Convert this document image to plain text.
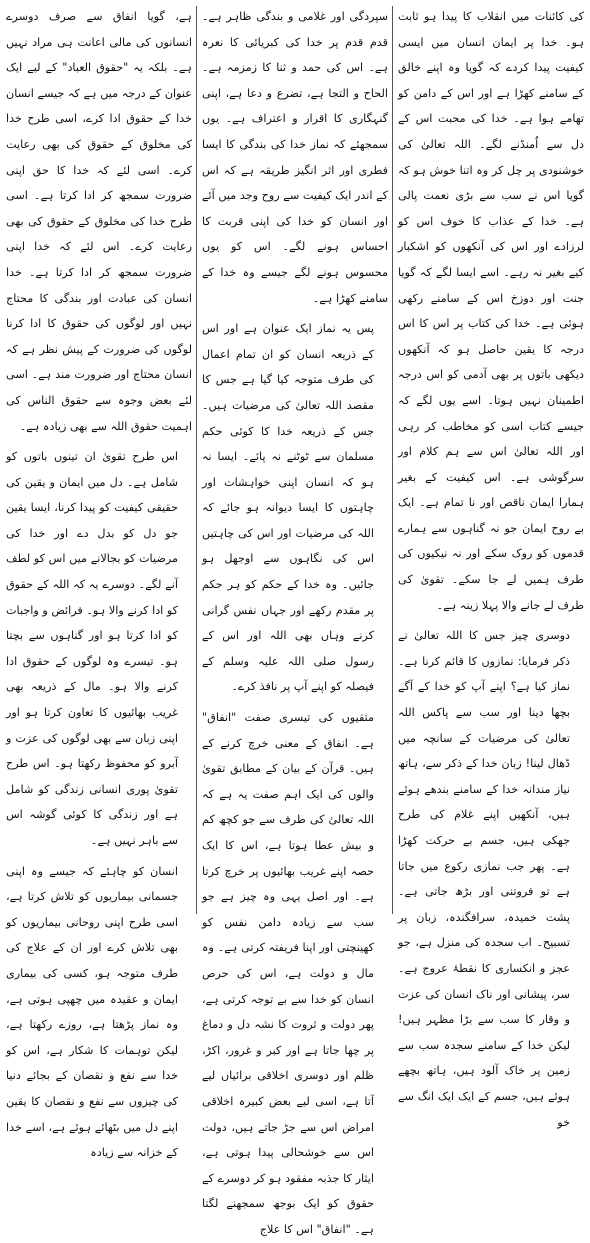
کی کائنات میں انقلاب کا پیدا ہو ثابت ہو۔ خدا پر ایمان انسان میں ایسی کیفیت پیدا کردے کہ گویا وہ اپنے خالق کے سامنے کھڑا ہے اور اس کے دامن کو تھامے ہوا ہے۔ خدا کی محبت اس کے دل سے اُمنڈنے لگے۔ اللہ تعالیٰ کی خوشنودی پر چل کر وہ اتنا خوش ہو کہ گویا اس نے سب سے بڑی نعمت پالی ہے۔ خدا کے عذاب کا خوف اس کو لرزادے اور اس کی آنکھوں کو اشکبار کیے بغیر نہ رہے۔ اسے ایسا لگے کہ گویا جنت اور دوزخ اس کے سامنے رکھی ہوئی ہے۔ خدا کی کتاب پر اس کا اس درجہ کا یقین حاصل ہو کہ آنکھوں دیکھی باتوں پر بھی آدمی کو اس درجہ اطمینان نہیں ہوتا۔ اسے یوں لگے کہ جیسے کتاب اسی کو مخاطب کر رہی اور اللہ تعالیٰ اس سے ہم کلام اور سرگوشی ہے۔ اس کیفیت کے بغیر ہمارا ایمان ناقص اور نا تمام ہے۔ ایک بے روح ایمان جو نہ گناہوں سے ہمارے قدموں کو روک سکے اور نہ نیکیوں کی طرف ہمیں لے جا سکے۔ تقویٰ کی طرف لے جانے والا پہلا زینہ ہے۔

دوسری چیز جس کا اللہ تعالیٰ نے ذکر فرمایا: نمازوں کا قائم کرنا ہے۔ نماز کیا ہے؟ اپنے آپ کو خدا کے آگے بچھا دینا اور سب سے پاکس اللہ تعالیٰ کی مرضیات کے سانچہ میں ڈھال لینا! زبان خدا کے ذکر سے، ہاتھ نیاز مندانہ خدا کے سامنے بندھے ہوئے ہیں، آنکھیں اپنے غلام کی طرح جھکی ہیں، جسم بے حرکت کھڑا ہے۔ پھر جب نمازی رکوع میں جاتا ہے تو فروتنی اور بڑھ جاتی ہے۔ پشت خمیدہ، سرافگندہ، زبان پر تسبیح۔ اب سجدہ کی منزل ہے، جو عجز و انکساری کا نقطۂ عروج ہے۔ سر، پیشانی اور ناک انسان کی عزت و وقار کا سب سے بڑا مظہر ہیں! لیکن خدا کے سامنے سجدہ سب سے زمین پر خاک آلود ہیں، ہاتھ بچھے ہوئے ہیں، جسم کے ایک ایک انگ سے خو

سپردگی اور غلامی و بندگی ظاہر ہے۔ قدم قدم پر خدا کی کبریائی کا نعرہ ہے۔ اس کی حمد و ثنا کا زمزمہ ہے۔ الحاح و التجا ہے، تضرع و دعا ہے، اپنی گنہگاری کا اقرار و اعتراف ہے۔ یوں سمجھئے کہ نماز خدا کی بندگی کا ایسا فطری اور اثر انگیز طریقہ ہے کہ اس کے اندر ایک کیفیت سے روح وجد میں آئے اور انسان کو خدا کی اپنی قربت کا احساس ہونے لگے۔ اس کو یوں محسوس ہونے لگے جیسے وہ خدا کے سامنے کھڑا ہے۔

پس یہ نماز ایک عنوان ہے اور اس کے ذریعہ انسان کو ان تمام اعمال کی طرف متوجہ کیا گیا ہے جس کا مقصد اللہ تعالیٰ کی مرضیات ہیں۔ جس کے ذریعہ خدا کا کوئی حکم مسلمان سے ٹوٹنے نہ پائے۔ ایسا نہ ہو کہ انسان اپنی خواہشات اور چاہتوں کا ایسا دیوانہ ہو جائے کہ اللہ کی مرضیات اور اس کی چاہتیں اس کی نگاہوں سے اوجھل ہو جائیں۔ وہ خدا کے حکم کو ہر حکم پر مقدم رکھے اور جہاں نفس گرانی کرنے وہاں بھی اللہ اور اس کے رسول صلی اللہ علیہ وسلم کے فیصلہ کو اپنے آپ پر نافذ کرے۔

متقیوں کی تیسری صفت "انفاق" ہے۔ انفاق کے معنی خرچ کرنے کے ہیں۔ قرآن کے بیان کے مطابق تقویٰ والوں کی ایک اہم صفت یہ ہے کہ اللہ تعالیٰ کی طرف سے جو کچھ کم و بیش عطا ہوتا ہے، اس کا ایک حصہ اپنے غریب بھائیوں پر خرچ کرتا ہے۔ اور اصل یہی وہ چیز ہے جو سب سے زیادہ دامن نفس کو کھینچتی اور اپنا فریفتہ کرتی ہے۔ وہ مال و دولت ہے، اس کی حرص انسان کو خدا سے بے توجہ کرتی ہے، پھر دولت و ثروت کا نشہ دل و دماغ پر چھا جاتا ہے اور کبر و غرور، اکڑ، ظلم اور دوسری اخلاقی برائیاں لیے آتا ہے، اسی لیے بعض کبیرہ اخلاقی امراض اس سے جڑ جاتے ہیں، دولت اس سے خوشحالی پیدا ہوتی ہے، ایثار کا جذبہ مفقود ہو کر دوسرے کے حقوق کو ایک بوجھ سمجھنے لگتا ہے۔ "انفاق" اس کا علاج

ہے، گویا انفاق سے صرف دوسرے انسانوں کی مالی اعانت ہی مراد نہیں ہے۔ بلکہ یہ "حقوق العباد" کے لیے ایک عنوان کے درجہ میں ہے کہ جیسے انسان خدا کے حقوق ادا کرے، اسی طرح خدا کی مخلوق کے حقوق کی بھی رعایت کرے۔ اسی لئے کہ خدا کا حق اپنی ضرورت سمجھ کر ادا کرتا ہے۔ اسی طرح خدا کی مخلوق کے حقوق کی بھی رعایت کرے۔ اس لئے کہ خدا اپنی ضرورت سمجھ کر ادا کرتا ہے۔ خدا انسان کی عبادت اور بندگی کا محتاج نہیں اور لوگوں کی حقوق کا ادا کرنا لوگوں کی ضرورت کے پیش نظر ہے کہ انسان محتاج اور ضرورت مند ہے۔ اسی لئے بعض وجوہ سے حقوق الناس کی اہمیت حقوق اللہ سے بھی زیادہ ہے۔

اس طرح تقویٰ ان تینوں باتوں کو شامل ہے۔ دل میں ایمان و یقین کی حقیقی کیفیت کو پیدا کرنا، ایسا یقین جو دل کو بدل دے اور خدا کی مرضیات کو بجالانے میں اس کو لطف آنے لگے۔ دوسرے یہ کہ اللہ کے حقوق کو ادا کرنے والا ہو۔ فرائض و واجبات کو ادا کرتا ہو اور گناہوں سے بچتا ہو۔ تیسرے وہ لوگوں کے حقوق ادا کرنے والا ہو۔ مال کے ذریعہ بھی غریب بھائیوں کا تعاون کرتا ہو اور اپنی زبان سے بھی لوگوں کی عزت و آبرو کو محفوظ رکھتا ہو۔ اس طرح تقویٰ پوری انسانی زندگی کو شامل ہے اور زندگی کا کوئی گوشہ اس سے باہر نہیں ہے۔

انسان کو چاہئے کہ جیسے وہ اپنی جسمانی بیماریوں کو تلاش کرتا ہے، اسی طرح اپنی روحانی بیماریوں کو بھی تلاش کرے اور ان کے علاج کی طرف متوجہ ہو، کسی کی بیماری ایمان و عقیدہ میں چھپی ہوتی ہے، وہ نماز پڑھتا ہے، روزے رکھتا ہے، لیکن توہمات کا شکار ہے، اس کو خدا سے نفع و نقصان کے بجائے دنیا کی چیزوں سے نفع و نقصان کا یقین اپنے دل میں بٹھائے ہوئے ہے، اسے خدا کے خزانہ سے زیادہ
